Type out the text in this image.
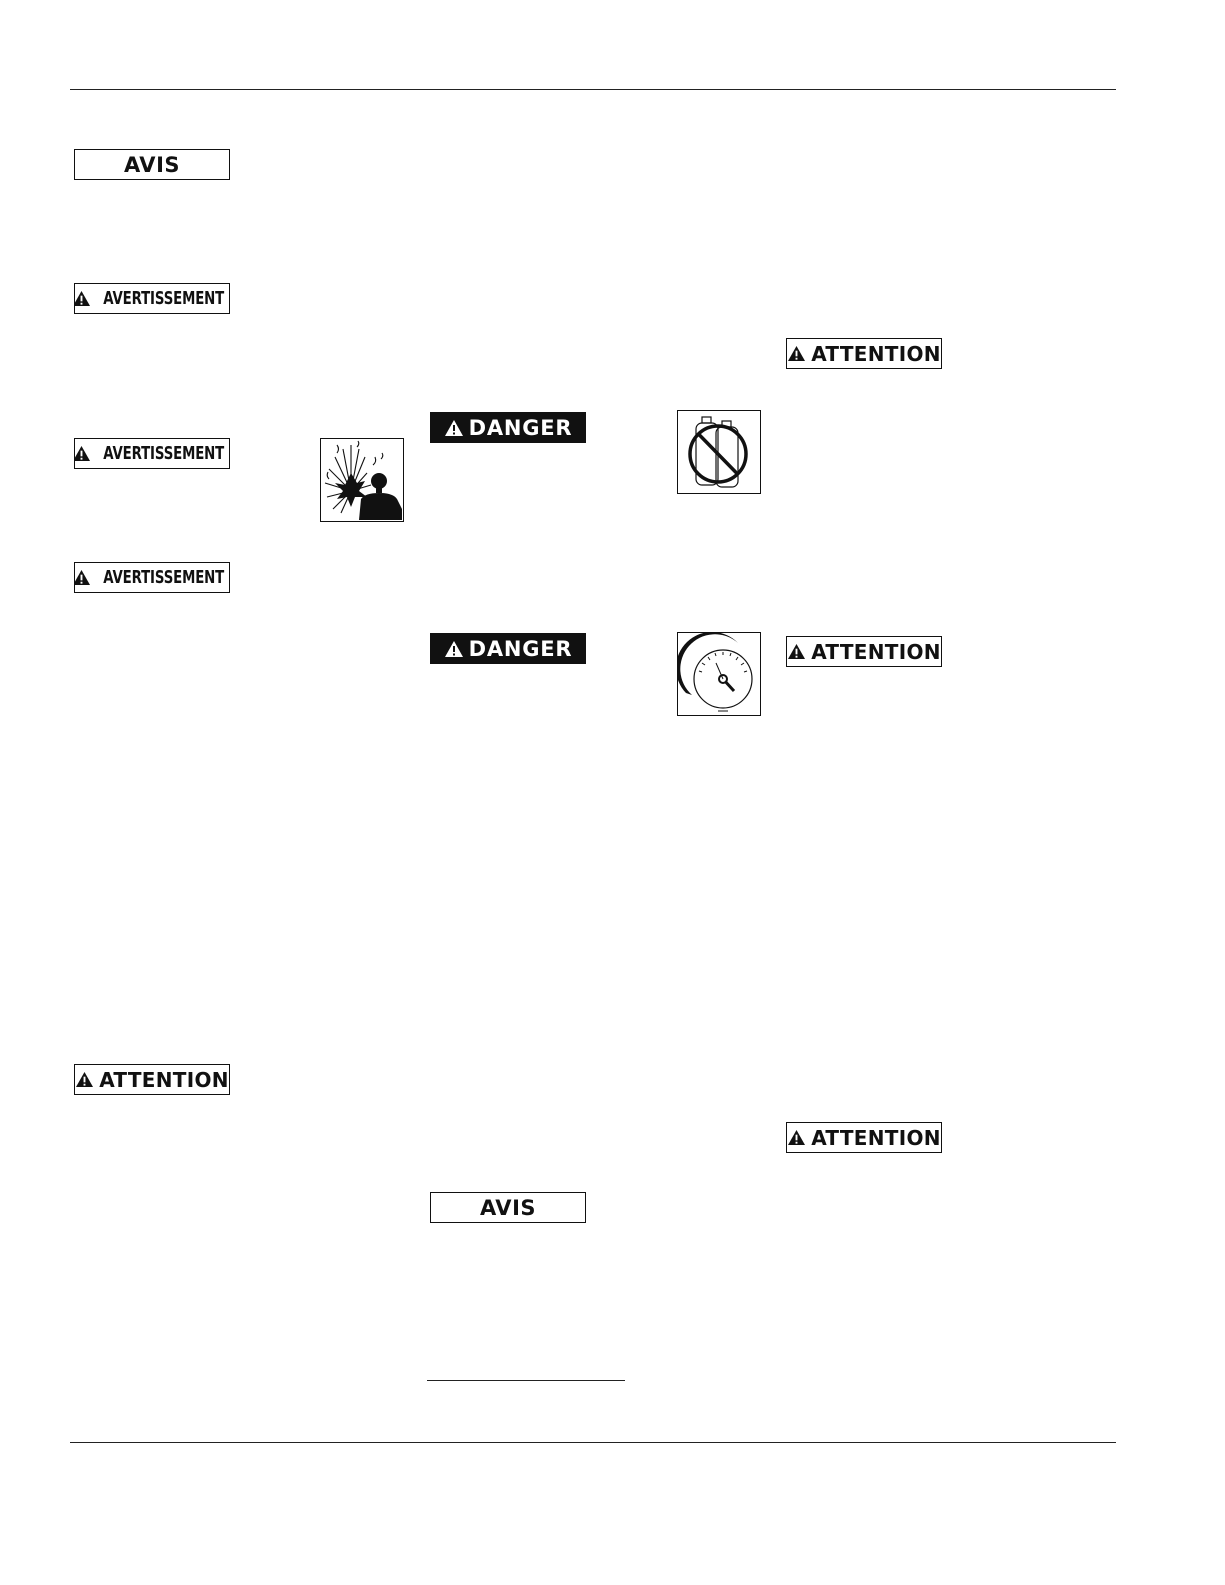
AVIS
AVERTISSEMENT
AVERTISSEMENT
AVERTISSEMENT
ATTENTION
DANGER
DANGER
AVIS
ATTENTION
ATTENTION
ATTENTION
